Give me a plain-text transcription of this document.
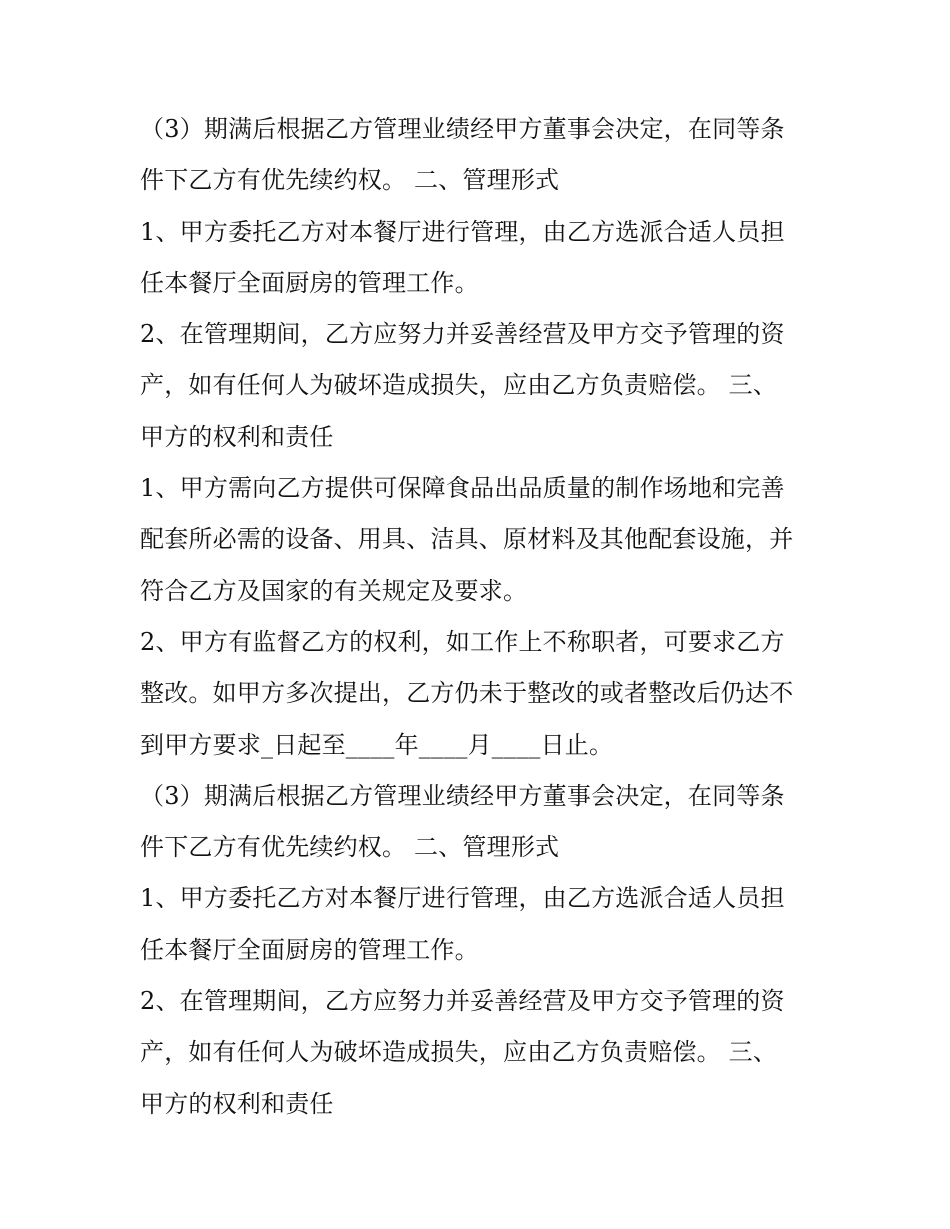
（3）期满后根据乙方管理业绩经甲方董事会决定，在同等条
件下乙方有优先续约权。 二、管理形式
1、甲方委托乙方对本餐厅进行管理，由乙方选派合适人员担
任本餐厅全面厨房的管理工作。
2、在管理期间，乙方应努力并妥善经营及甲方交予管理的资
产，如有任何人为破坏造成损失，应由乙方负责赔偿。 三、
甲方的权利和责任
1、甲方需向乙方提供可保障食品出品质量的制作场地和完善
配套所必需的设备、用具、洁具、原材料及其他配套设施，并
符合乙方及国家的有关规定及要求。
2、甲方有监督乙方的权利，如工作上不称职者，可要求乙方
整改。如甲方多次提出，乙方仍未于整改的或者整改后仍达不
到甲方要求_日起至____年____月____日止。
（3）期满后根据乙方管理业绩经甲方董事会决定，在同等条
件下乙方有优先续约权。 二、管理形式
1、甲方委托乙方对本餐厅进行管理，由乙方选派合适人员担
任本餐厅全面厨房的管理工作。
2、在管理期间，乙方应努力并妥善经营及甲方交予管理的资
产，如有任何人为破坏造成损失，应由乙方负责赔偿。 三、
甲方的权利和责任
